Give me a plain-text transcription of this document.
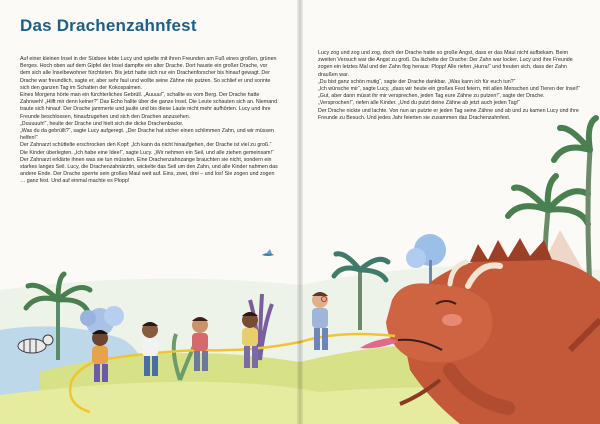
Das Drachenzahnfest

Auf einer kleinen Insel in der Südsee lebte Lucy und spielte mit ihren Freunden am Fuß eines großen, grünen Berges. Hoch oben auf dem Gipfel der Insel dampfte ein alter Drache. Dort hauste ein großer Drache, vor dem sich alle Inselbewohner fürchteten. Bis jetzt hatte sich nur ein Drachenforscher bis hinauf gewagt. Der Drache war freundlich, sagte er, aber sehr faul und wollte seine Zähne nie putzen. So schlief er und sonnte sich den ganzen Tag im Schatten der Kokospalmen.

Eines Morgens hörte man ein fürchterliches Gebrüll. „Auuuu!“, schallte es vom Berg. Der Drache hatte Zahnweh! „Hilft mir denn keiner?“ Das Echo hallte über die ganze Insel. Die Leute schauten sich an. Niemand traute sich hinauf. Der Drache jammerte und jaulte und bis diese Laute nicht mehr aufhörten. Lucy und ihre Freunde beschlossen, hinaufzugehen und sich den Drachen anzusehen.

„Duuuuuh!“, heulte der Drache und hielt sich die dicke Drachenbacke.

„Was du da gebrüllt?“, sagte Lucy aufgeregt. „Der Drache hat sicher einen schlimmen Zahn, und wir müssen helfen!“

Der Zahnarzt schüttelte erschrocken den Kopf: „Ich kann da nicht hinaufgehen, der Drache ist viel zu groß.“ Die Kinder überlegten. „Ich habe eine Idee!“, sagte Lucy. „Wir nehmen ein Seil, und alle ziehen gemeinsam!“

Der Zahnarzt erklärte ihnen was sie tun müssten. Eine Drachenzahnzange brauchten sie nicht, sondern ein starkes langes Seil. Lucy, die Drachenzahnärztin, wickelte das Seil um den Zahn, und alle Kinder nahmen das andere Ende. Der Drache sperrte sein großes Maul weit auf. Eins, zwei, drei – und los! Sie zogen und zogen … ganz fest. Und auf einmal machte es Plopp!

Lucy zog und zog und zog, doch der Drache hatte so große Angst, dass er das Maul nicht aufbekam. Beim zweiten Versuch war die Angst zu groß. Da lächelte der Drache: Der Zahn war locker, Lucy und ihre Freunde zogen ein letztes Mal und der Zahn flog heraus: Plopp! Alle riefen „Hurra!“ und freuten sich, dass der Zahn draußen war.

„Du bist ganz schön mutig“, sagte der Drache dankbar. „Was kann ich für euch tun?“

„Ich wünsche mir“, sagte Lucy, „dass wir heute ein großes Fest feiern, mit allen Menschen und Tieren der Insel!“

„Gut, aber dann müsst ihr mir versprechen, jeden Tag eure Zähne zu putzen!“, sagte der Drache.

„Versprochen!“, riefen alle Kinder. „Und du putzt deine Zähne ab jetzt auch jeden Tag!“

Der Drache nickte und lachte. Von nun an putzte er jeden Tag seine Zähne und ab und zu kamen Lucy und ihre Freunde zu Besuch. Und jedes Jahr feierten sie zusammen das Drachenzahnfest.
